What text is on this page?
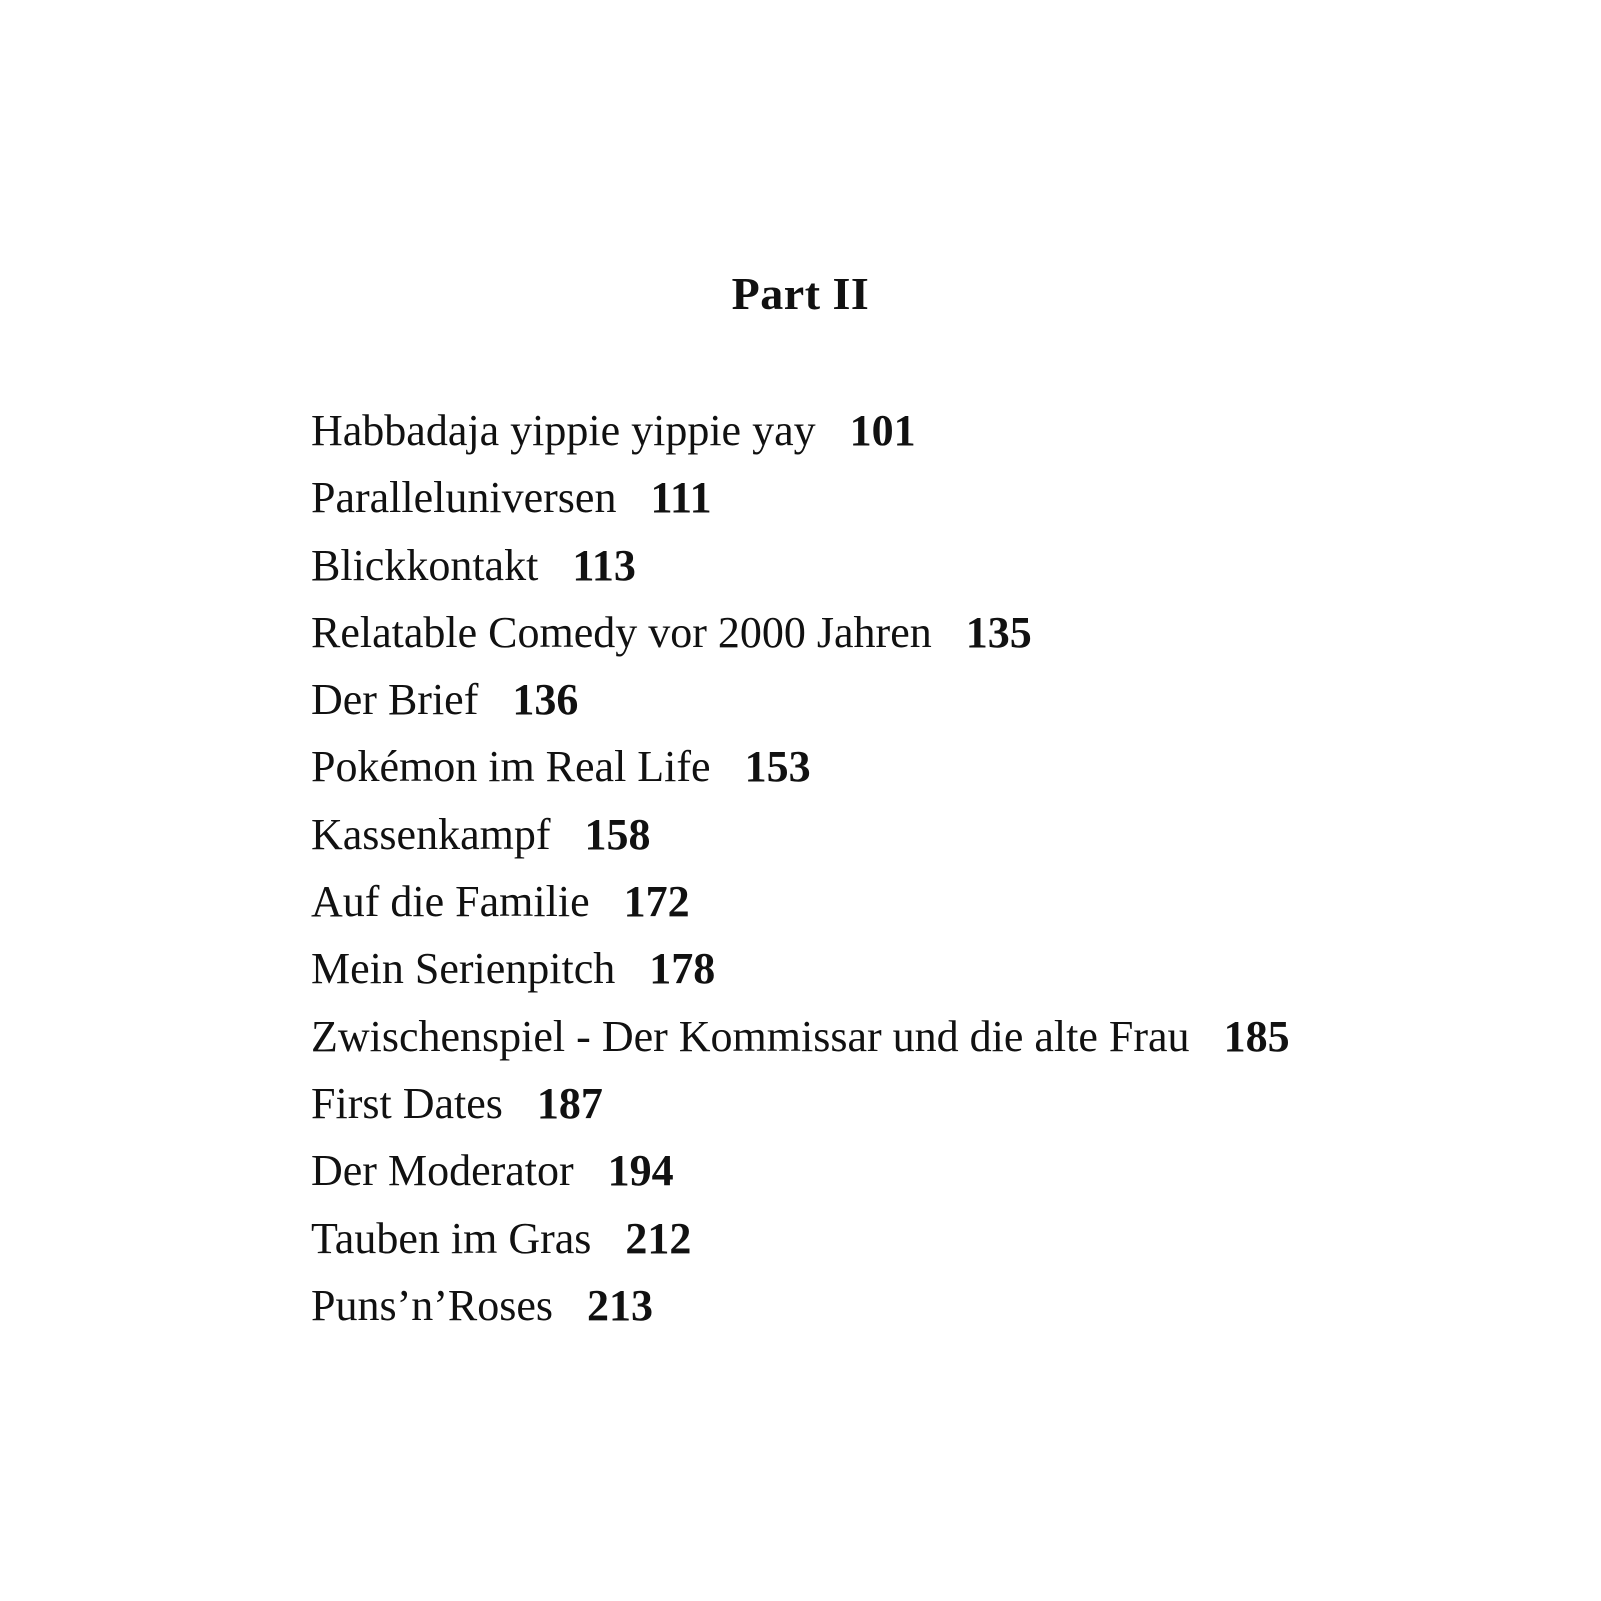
Part II
Habbadaja yippie yippie yay 101
Paralleluniversen 111
Blickkontakt 113
Relatable Comedy vor 2000 Jahren 135
Der Brief 136
Pokémon im Real Life 153
Kassenkampf 158
Auf die Familie 172
Mein Serienpitch 178
Zwischenspiel - Der Kommissar und die alte Frau 185
First Dates 187
Der Moderator 194
Tauben im Gras 212
Puns’n’Roses 213
